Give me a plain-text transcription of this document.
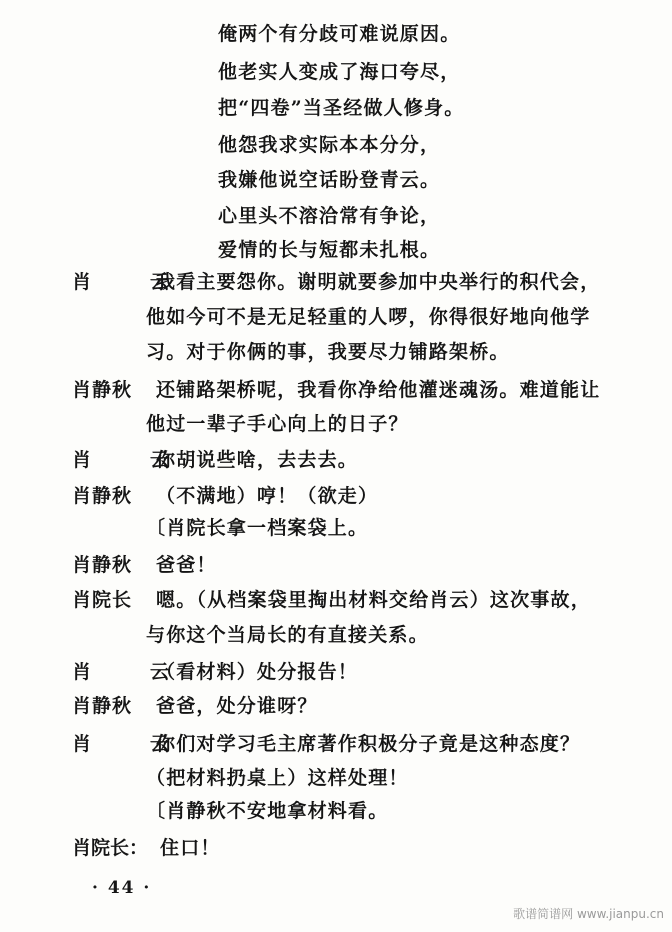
俺两个有分歧可难说原因。
他老实人变成了海口夸尽，
把“四卷”当圣经做人修身。
他怨我求实际本本分分，
我嫌他说空话盼登青云。
心里头不溶洽常有争论，
爱情的长与短都未扎根。
肖　云
我看主要怨你。谢明就要参加中央举行的积代会，
他如今可不是无足轻重的人啰，你得很好地向他学
习。对于你俩的事，我要尽力铺路架桥。
肖静秋 还铺路架桥呢，我看你净给他灌迷魂汤。难道能让
他过一辈子手心向上的日子？
肖　云
你胡说些啥，去去去。
肖静秋 （不满地）哼！（欲走）
〔肖院长拿一档案袋上。
肖静秋 爸爸！
肖院长 嗯。（从档案袋里掏出材料交给肖云）这次事故，
与你这个当局长的有直接关系。
肖　云
（看材料）处分报告！
肖静秋 爸爸，处分谁呀？
肖　云
你们对学习毛主席著作积极分子竟是这种态度？
（把材料扔桌上）这样处理！
〔肖静秋不安地拿材料看。
肖院长： 住口！
· 44 ·
歌谱简谱网 www.jianpu.cn
